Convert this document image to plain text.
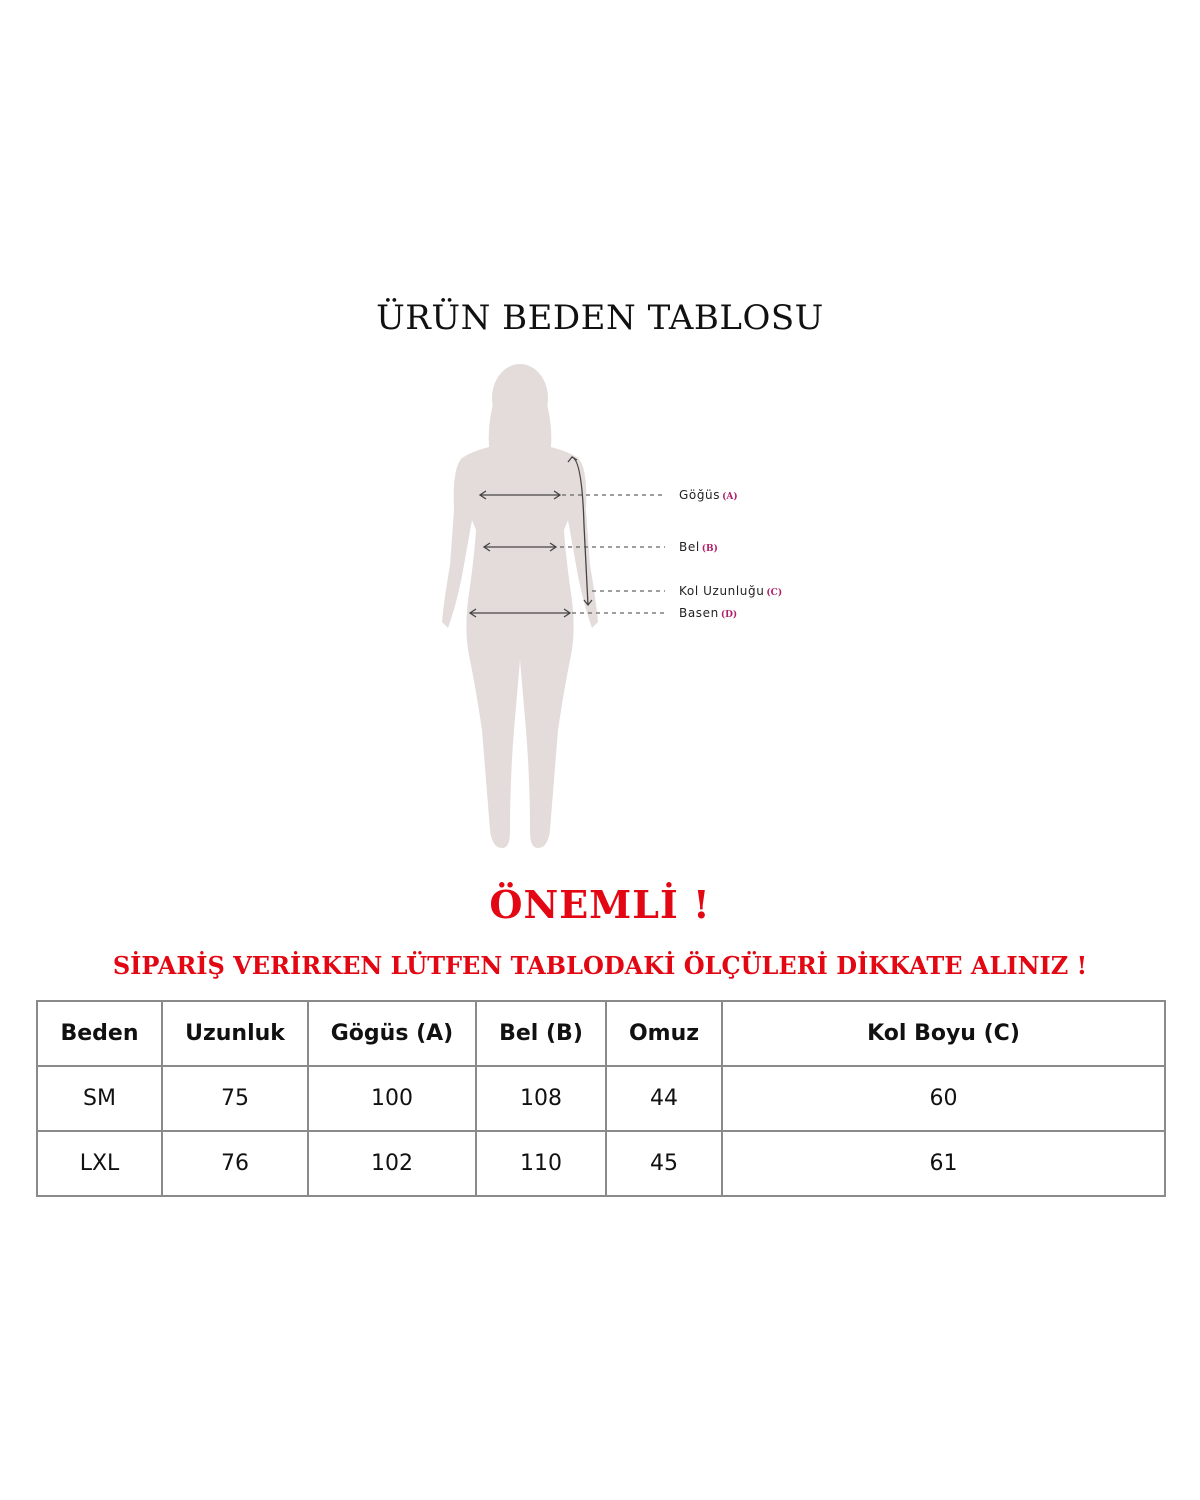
ÜRÜN BEDEN TABLOSU
Göğüs (A)
Bel (B)
Kol Uzunluğu (C)
Basen (D)
ÖNEMLİ !
SİPARİŞ VERİRKEN LÜTFEN TABLODAKİ ÖLÇÜLERİ DİKKATE ALINIZ !
Beden	Uzunluk	Gögüs (A)	Bel (B)	Omuz	Kol Boyu (C)
SM	75	100	108	44	60
LXL	76	102	110	45	61
